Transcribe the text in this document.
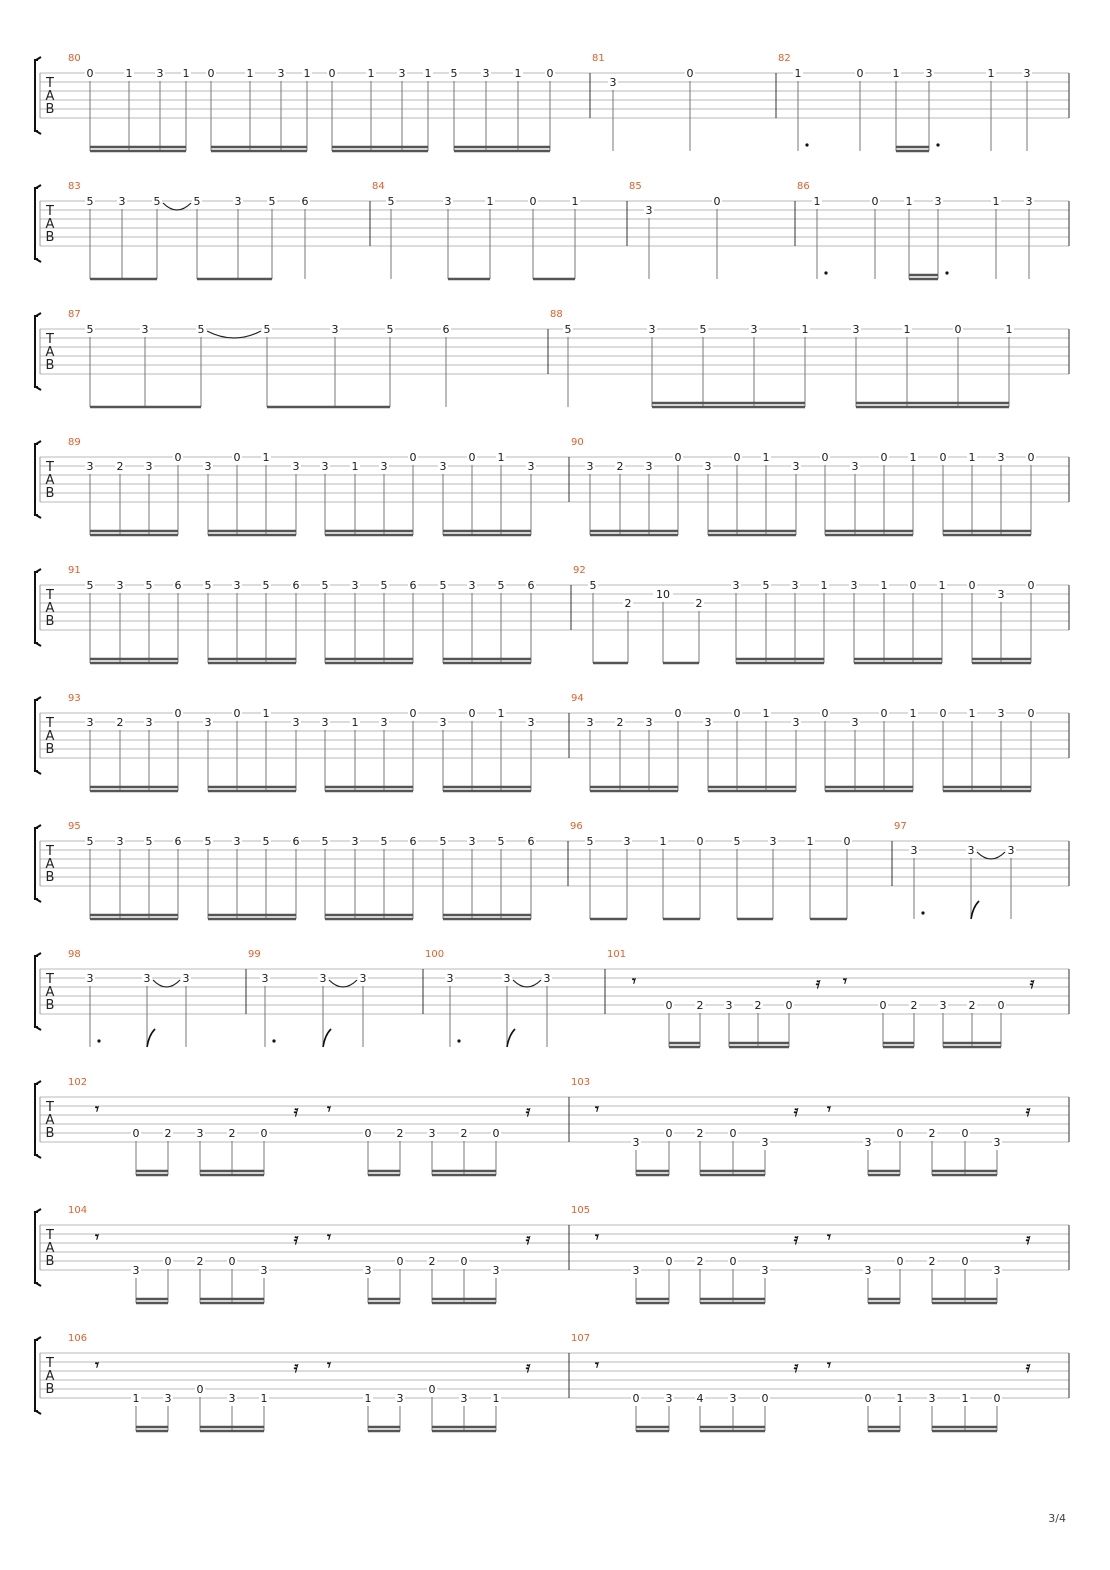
T
A
B
80
0	1 3 1 0	1 3 1 0	1 3 1 5 3 1 0
81
3
0
82
1	0	1 3	1	3
T
A
B
83
5 3	5	5	3 5 6
84
5	3	1	0	1
85
3
0
86
1	0 1 3	1 3
T
A
B
87
5	3	5	5	3	5	6
88
5	3	5	3	1	3	1	0	1
T
A
B
89
3 2 3
0
3
0 1
3 3 1 3
0
3
0 1
3
90
3 2 3
0
3
0 1
3
0
3
0 1 0 1 3 0
T
A
B
91
5 3 5 6 5 3 5 6 5 3 5 6 5 3 5 6
92
5
2
10
2
3 5 3 1 3 1 0 1 0
3
0
T
A
B
93
3 2 3
0
3
0 1
3 3 1 3
0
3
0 1
3
94
3 2 3
0
3
0 1
3
0
3
0 1 0 1 3 0
T
A
B
95
5 3 5 6 5 3 5 6 5 3 5 6 5 3 5 6
96
5	3	1	0	5	3	1	0
97
3	3	3
T
A
B
98
3	3	3
99
3	3	3
100
3	3	3
101
0 2 3 2 0	0 2 3 2 0
𝄾	𝄿 𝄾	𝄿
T
A
B
102
0 2 3 2 0	0 2 3 2 0
𝄾	𝄿 𝄾	𝄿
103
3
0 2 0
3	3
0 2 0
3
𝄾	𝄿 𝄾	𝄿
T
A
B
104
3
0 2 0
3	3
0 2 0
3
𝄾	𝄿 𝄾	𝄿
105
3
0 2 0
3	3
0 2 0
3
𝄾	𝄿 𝄾	𝄿
T
A
B
106
1 3
0
3 1	1 3
0
3 1
𝄾	𝄿 𝄾	𝄿
107
0 3 4 3 0	0 1 3 1 0
𝄾	𝄿 𝄾	𝄿
3/4
